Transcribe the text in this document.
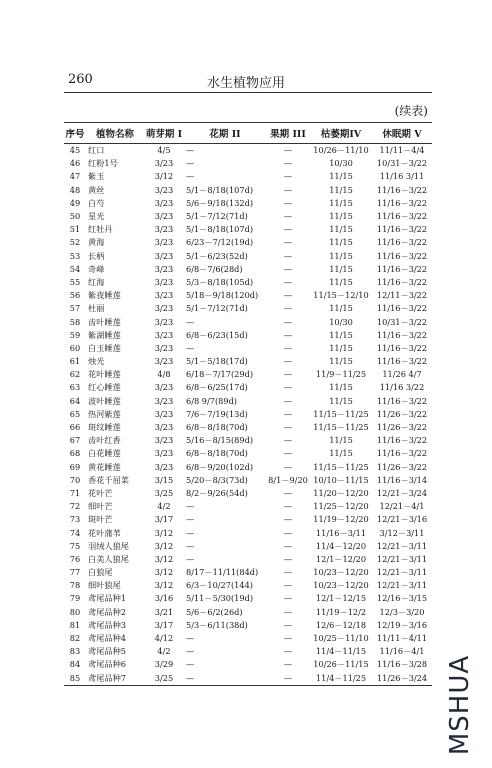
260	水生植物应用
(续表)
序号	植物名称	萌芽期 I	花期 II	果期 III	枯萎期IV	休眠期 V
45	红口	4/5	—	—	10/26－11/10	11/11－4/4
46	红粉1号	3/23	—	—	10/30	10/31－3/22
47	紫玉	3/12	—	—	11/15	11/16 3/11
48	黄丝	3/23	5/1－8/18(107d)	—	11/15	11/16－3/22
49	白芍	3/23	5/6－9/18(132d)	—	11/15	11/16－3/22
50	星光	3/23	5/1－7/12(71d)	—	11/15	11/16－3/22
51	红牡丹	3/23	5/1－8/18(107d)	—	11/15	11/16－3/22
52	黄海	3/23	6/23－7/12(19d)	—	11/15	11/16－3/22
53	长柄	3/23	5/1－6/23(52d)	—	11/15	11/16－3/22
54	奇峰	3/23	6/8－7/6(28d)	—	11/15	11/16－3/22
55	红海	3/23	5/3－8/18(105d)	—	11/15	11/16－3/22
56	紫夜睡莲	3/23	5/18－9/18(120d)	—	11/15－12/10	12/11－3/22
57	杜丽	3/23	5/1－7/12(71d)	—	11/15	11/16－3/22
58	齿叶睡莲	3/23	—	—	10/30	10/31－3/22
59	紫湖睡莲	3/23	6/8－6/23(15d)	—	11/15	11/16－3/22
60	白玉睡莲	3/23	—	—	11/15	11/16－3/22
61	烛光	3/23	5/1－5/18(17d)	—	11/15	11/16－3/22
62	花叶睡莲	4/8	6/18－7/17(29d)	—	11/9－11/25	11/26 4/7
63	红心睡莲	3/23	6/8－6/25(17d)	—	11/15	11/16 3/22
64	波叶睡莲	3/23	6/8 9/7(89d)	—	11/15	11/16－3/22
65	热河紫莲	3/23	7/6－7/19(13d)	—	11/15－11/25	11/26－3/22
66	斑纹睡莲	3/23	6/8－8/18(70d)	—	11/15－11/25	11/26－3/22
67	齿叶红香	3/23	5/16－8/15(89d)	—	11/15	11/16－3/22
68	白花睡莲	3/23	6/8－8/18(70d)	—	11/15	11/16－3/22
69	黄花睡莲	3/23	6/8－9/20(102d)	—	11/15－11/25	11/26－3/22
70	香花千屈菜	3/15	5/20－8/3(73d)	8/1－9/20	10/10－11/15	11/16－3/14
71	花叶芒	3/25	8/2－9/26(54d)	—	11/20－12/20	12/21－3/24
72	细叶芒	4/2	—	—	11/25－12/20	12/21－4/1
73	斑叶芒	3/17	—	—	11/19－12/20	12/21－3/16
74	花叶蒲苇	3/12	—	—	11/16－3/11	3/12－3/11
75	羽绒人狼尾	3/12	—	—	11/4－12/20	12/21－3/11
76	白美人狼尾	3/12	—	—	12/1－12/20	12/21－3/11
77	白狼尾	3/12	8/17－11/11(84d)	—	10/23－12/20	12/21－3/11
78	细叶狼尾	3/12	6/3－10/27(144)	—	10/23－12/20	12/21－3/11
79	鸢尾品种1	3/16	5/11－5/30(19d)	—	12/1－12/15	12/16－3/15
80	鸢尾品种2	3/21	5/6－6/2(26d)	—	11/19－12/2	12/3－3/20
81	鸢尾品种3	3/17	5/3－6/11(38d)	—	12/6－12/18	12/19－3/16
82	鸢尾品种4	4/12	—	—	10/25－11/10	11/11－4/11
83	鸢尾品种5	4/2	—	—	11/4－11/15	11/16－4/1
84	鸢尾品种6	3/29	—	—	10/26－11/15	11/16－3/28
85	鸢尾品种7	3/25	—	—	11/4－11/25	11/26－3/24 MSHUA
